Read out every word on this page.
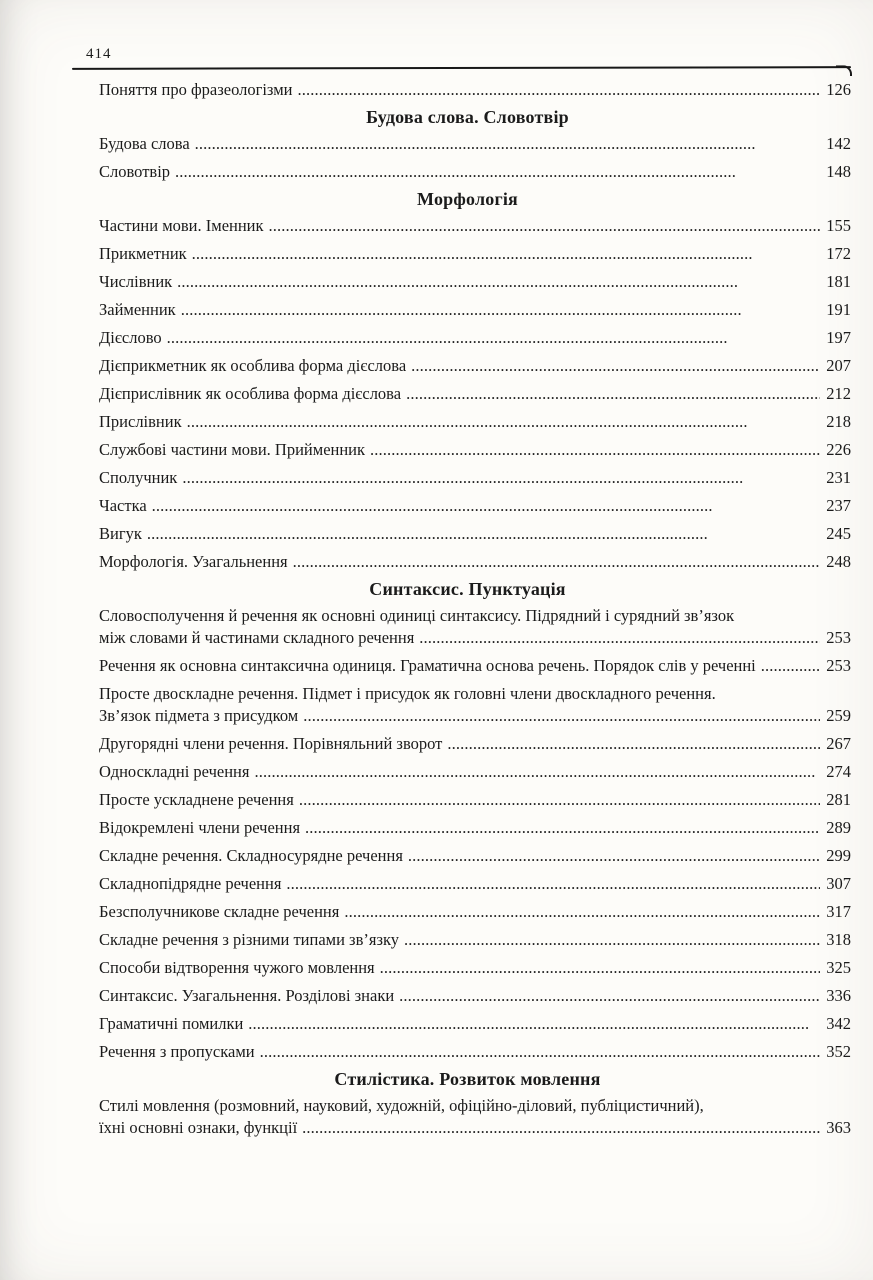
414
Поняття про фразеологізми . . .	126
Будова слова. Словотвір
Будова слова . . .	142
Словотвір . . .	148
Морфологія
Частини мови. Іменник . . .	155
Прикметник . . .	172
Числівник . . .	181
Займенник . . .	191
Дієслово . . .	197
Дієприкметник як особлива форма дієслова . . .	207
Дієприслівник як особлива форма дієслова . . .	212
Прислівник . . .	218
Службові частини мови. Прийменник . . .	226
Сполучник . . .	231
Частка . . .	237
Вигук . . .	245
Морфологія. Узагальнення . . .	248
Синтаксис. Пунктуація
Словосполучення й речення як основні одиниці синтаксису. Підрядний і сурядний зв’язок
між словами й частинами складного речення . . .	253
Речення як основна синтаксична одиниця. Граматична основа речень. Порядок слів у реченні . . .	253
Просте двоскладне речення. Підмет і присудок як головні члени двоскладного речення.
Зв’язок підмета з присудком . . .	259
Другорядні члени речення. Порівняльний зворот . . .	267
Односкладні речення . . .	274
Просте ускладнене речення . . .	281
Відокремлені члени речення . . .	289
Складне речення. Складносурядне речення . . .	299
Складнопідрядне речення . . .	307
Безсполучникове складне речення . . .	317
Складне речення з різними типами зв’язку . . .	318
Способи відтворення чужого мовлення . . .	325
Синтаксис. Узагальнення. Розділові знаки . . .	336
Граматичні помилки . . .	342
Речення з пропусками . . .	352
Стилістика. Розвиток мовлення
Стилі мовлення (розмовний, науковий, художній, офіційно-діловий, публіцистичний),
їхні основні ознаки, функції . . .	363
